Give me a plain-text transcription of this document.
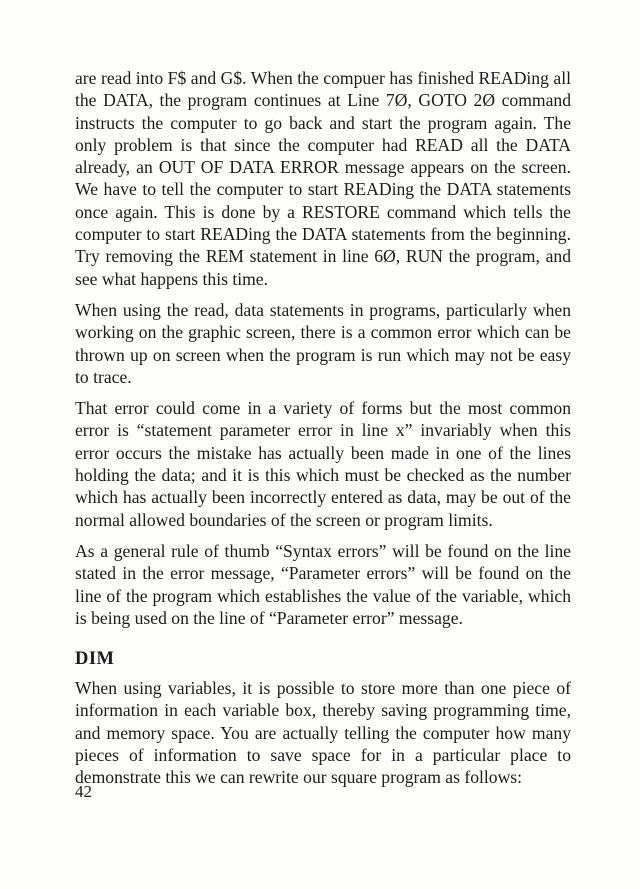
are read into F$ and G$. When the compuer has finished READing all the DATA, the program continues at Line 7Ø, GOTO 2Ø command instructs the computer to go back and start the program again. The only problem is that since the computer had READ all the DATA already, an OUT OF DATA ERROR message appears on the screen. We have to tell the computer to start READing the DATA statements once again. This is done by a RESTORE command which tells the computer to start READing the DATA statements from the beginning. Try removing the REM statement in line 6Ø, RUN the program, and see what happens this time.

When using the read, data statements in programs, particularly when working on the graphic screen, there is a common error which can be thrown up on screen when the program is run which may not be easy to trace.

That error could come in a variety of forms but the most common error is “statement parameter error in line x” invariably when this error occurs the mistake has actually been made in one of the lines holding the data; and it is this which must be checked as the number which has actually been incorrectly entered as data, may be out of the normal allowed boundaries of the screen or program limits.

As a general rule of thumb “Syntax errors” will be found on the line stated in the error message, “Parameter errors” will be found on the line of the program which establishes the value of the variable, which is being used on the line of “Parameter error” message.

DIM

When using variables, it is possible to store more than one piece of information in each variable box, thereby saving programming time, and memory space. You are actually telling the computer how many pieces of information to save space for in a particular place to demonstrate this we can rewrite our square program as follows:

42
